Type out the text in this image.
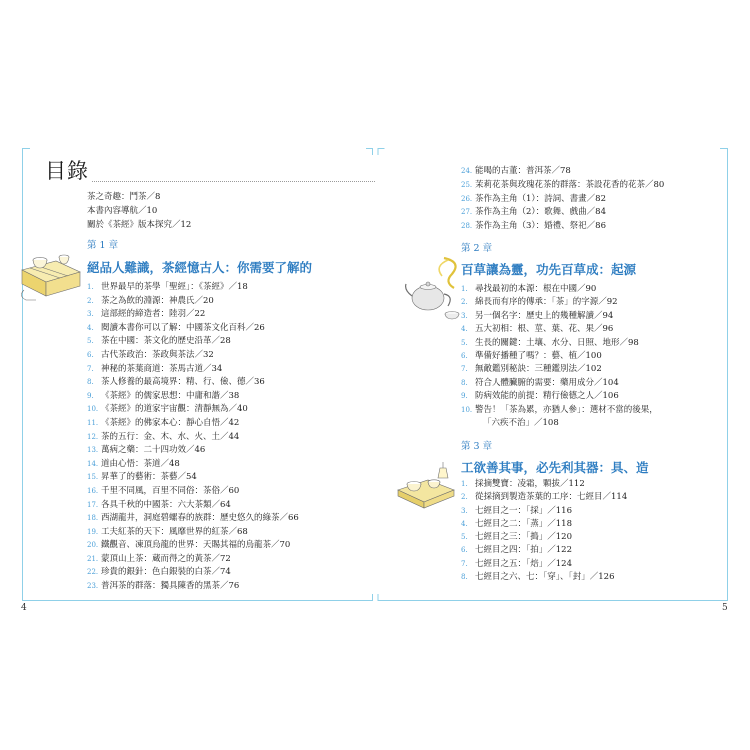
目錄
茶之奇趣：鬥茶／8
本書內容導航／10
關於《茶經》版本探究／12
第 1 章
絕品人難識，茶經憶古人：你需要了解的
1. 世界最早的茶學「聖經」：《茶經》／18
2. 茶之為飲的淵源：神農氏／20
3. 這部經的締造者：陸羽／22
4. 閱讀本書你可以了解：中國茶文化百科／26
5. 茶在中國：茶文化的歷史沿革／28
6. 古代茶政治：茶政與茶法／32
7. 神秘的茶葉商道：茶馬古道／34
8. 茶人修養的最高境界：精、行、儉、德／36
9. 《茶經》的儒家思想：中庸和諧／38
10. 《茶經》的道家宇宙觀：清靜無為／40
11. 《茶經》的佛家本心：靜心自悟／42
12. 茶的五行：金、木、水、火、土／44
13. 萬病之藥：二十四功效／46
14. 道由心悟：茶道／48
15. 昇華了的藝術：茶藝／54
16. 千里不同風，百里不同俗：茶俗／60
17. 各具千秋的中國茶：六大茶類／64
18. 西湖龍井，洞庭碧螺春的族群：歷史悠久的綠茶／66
19. 工夫紅茶的天下：風靡世界的紅茶／68
20. 鐵觀音、凍頂烏龍的世界：天賜其福的烏龍茶／70
21. 蒙頂山上茶：蔵而得之的黃茶／72
22. 珍貴的銀針：色白銀裝的白茶／74
23. 普洱茶的群落：獨具陳香的黑茶／76
4
24. 能喝的古董：普洱茶／78
25. 茉莉花茶與玫瑰花茶的群落：茶設花香的花茶／80
26. 茶作為主角（1）：詩詞、書畫／82
27. 茶作為主角（2）：歌舞、戲曲／84
28. 茶作為主角（3）：婚禮、祭祀／86
第 2 章
百草讓為靈，功先百草成：起源
1. 尋找最初的本源：根在中國／90
2. 綿長而有序的傳承：「茶」的字源／92
3. 另一個名字：歷史上的幾種解讀／94
4. 五大初相：根、莖、葉、花、果／96
5. 生長的關鍵：土壤、水分、日照、地形／98
6. 準備好播種了嗎？：藝、植／100
7. 無敵鑑別秘訣：三種鑑別法／102
8. 符合人體臟腑的需要：藥用成分／104
9. 防病效能的前提：精行儉德之人／106
10. 警告！「茶為累，亦猶人參」：選材不當的後果，
「六疾不治」／108
第 3 章
工欲善其事，必先利其器：具、造
1. 採摘雙寶：凌霜，顆拔／112
2. 從採摘到製造茶葉的工序：七經目／114
3. 七經目之一：「採」／116
4. 七經目之二：「蒸」／118
5. 七經目之三：「搗」／120
6. 七經目之四：「拍」／122
7. 七經目之五：「焙」／124
8. 七經目之六、七：「穿」、「封」／126
5
